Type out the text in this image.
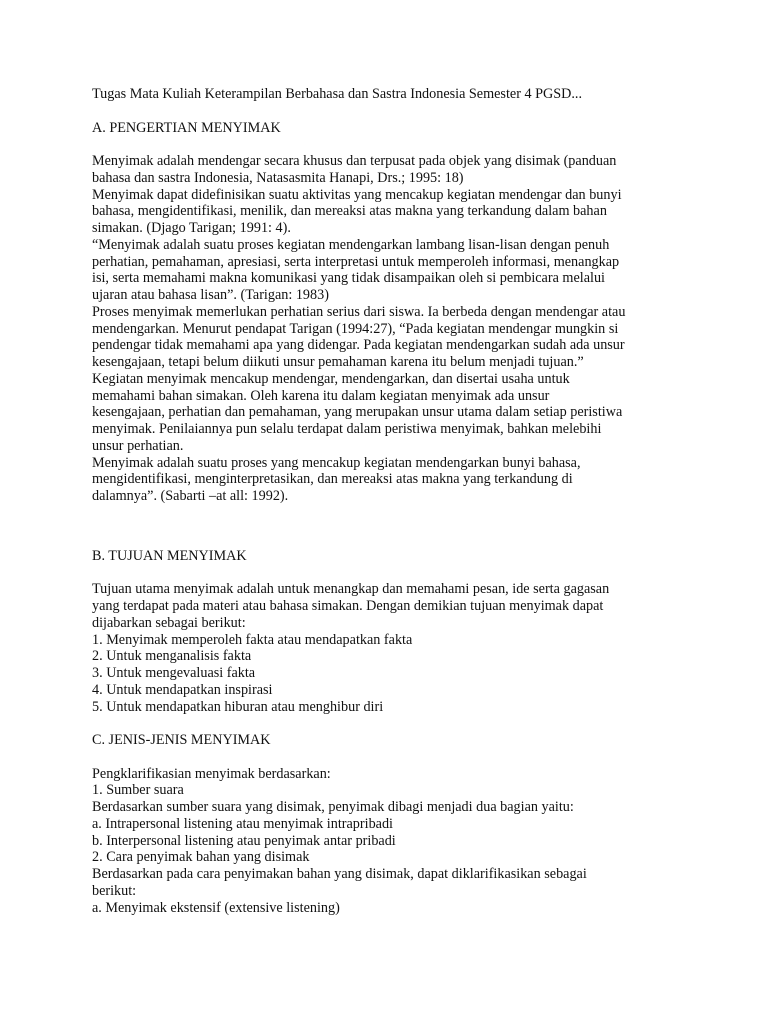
Tugas Mata Kuliah Keterampilan Berbahasa dan Sastra Indonesia Semester 4 PGSD...

A. PENGERTIAN MENYIMAK

Menyimak adalah mendengar secara khusus dan terpusat pada objek yang disimak (panduan

bahasa dan sastra Indonesia, Natasasmita Hanapi, Drs.; 1995: 18)

Menyimak dapat didefinisikan suatu aktivitas yang mencakup kegiatan mendengar dan bunyi

bahasa, mengidentifikasi, menilik, dan mereaksi atas makna yang terkandung dalam bahan

simakan. (Djago Tarigan; 1991: 4).

“Menyimak adalah suatu proses kegiatan mendengarkan lambang lisan-lisan dengan penuh

perhatian, pemahaman, apresiasi, serta interpretasi untuk memperoleh informasi, menangkap

isi, serta memahami makna komunikasi yang tidak disampaikan oleh si pembicara melalui

ujaran atau bahasa lisan”. (Tarigan: 1983)

Proses menyimak memerlukan perhatian serius dari siswa. Ia berbeda dengan mendengar atau

mendengarkan. Menurut pendapat Tarigan (1994:27), “Pada kegiatan mendengar mungkin si

pendengar tidak memahami apa yang didengar. Pada kegiatan mendengarkan sudah ada unsur

kesengajaan, tetapi belum diikuti unsur pemahaman karena itu belum menjadi tujuan.”

Kegiatan menyimak mencakup mendengar, mendengarkan, dan disertai usaha untuk

memahami bahan simakan. Oleh karena itu dalam kegiatan menyimak ada unsur

kesengajaan, perhatian dan pemahaman, yang merupakan unsur utama dalam setiap peristiwa

menyimak. Penilaiannya pun selalu terdapat dalam peristiwa menyimak, bahkan melebihi

unsur perhatian.

Menyimak adalah suatu proses yang mencakup kegiatan mendengarkan bunyi bahasa,

mengidentifikasi, menginterpretasikan, dan mereaksi atas makna yang terkandung di

dalamnya”. (Sabarti –at all: 1992).

B. TUJUAN MENYIMAK

Tujuan utama menyimak adalah untuk menangkap dan memahami pesan, ide serta gagasan

yang terdapat pada materi atau bahasa simakan. Dengan demikian tujuan menyimak dapat

dijabarkan sebagai berikut:

1. Menyimak memperoleh fakta atau mendapatkan fakta

2. Untuk menganalisis fakta

3. Untuk mengevaluasi fakta

4. Untuk mendapatkan inspirasi

5. Untuk mendapatkan hiburan atau menghibur diri

C. JENIS-JENIS MENYIMAK

Pengklarifikasian menyimak berdasarkan:

1. Sumber suara

Berdasarkan sumber suara yang disimak, penyimak dibagi menjadi dua bagian yaitu:

a. Intrapersonal listening atau menyimak intrapribadi

b. Interpersonal listening atau penyimak antar pribadi

2. Cara penyimak bahan yang disimak

Berdasarkan pada cara penyimakan bahan yang disimak, dapat diklarifikasikan sebagai

berikut:

a. Menyimak ekstensif (extensive listening)
